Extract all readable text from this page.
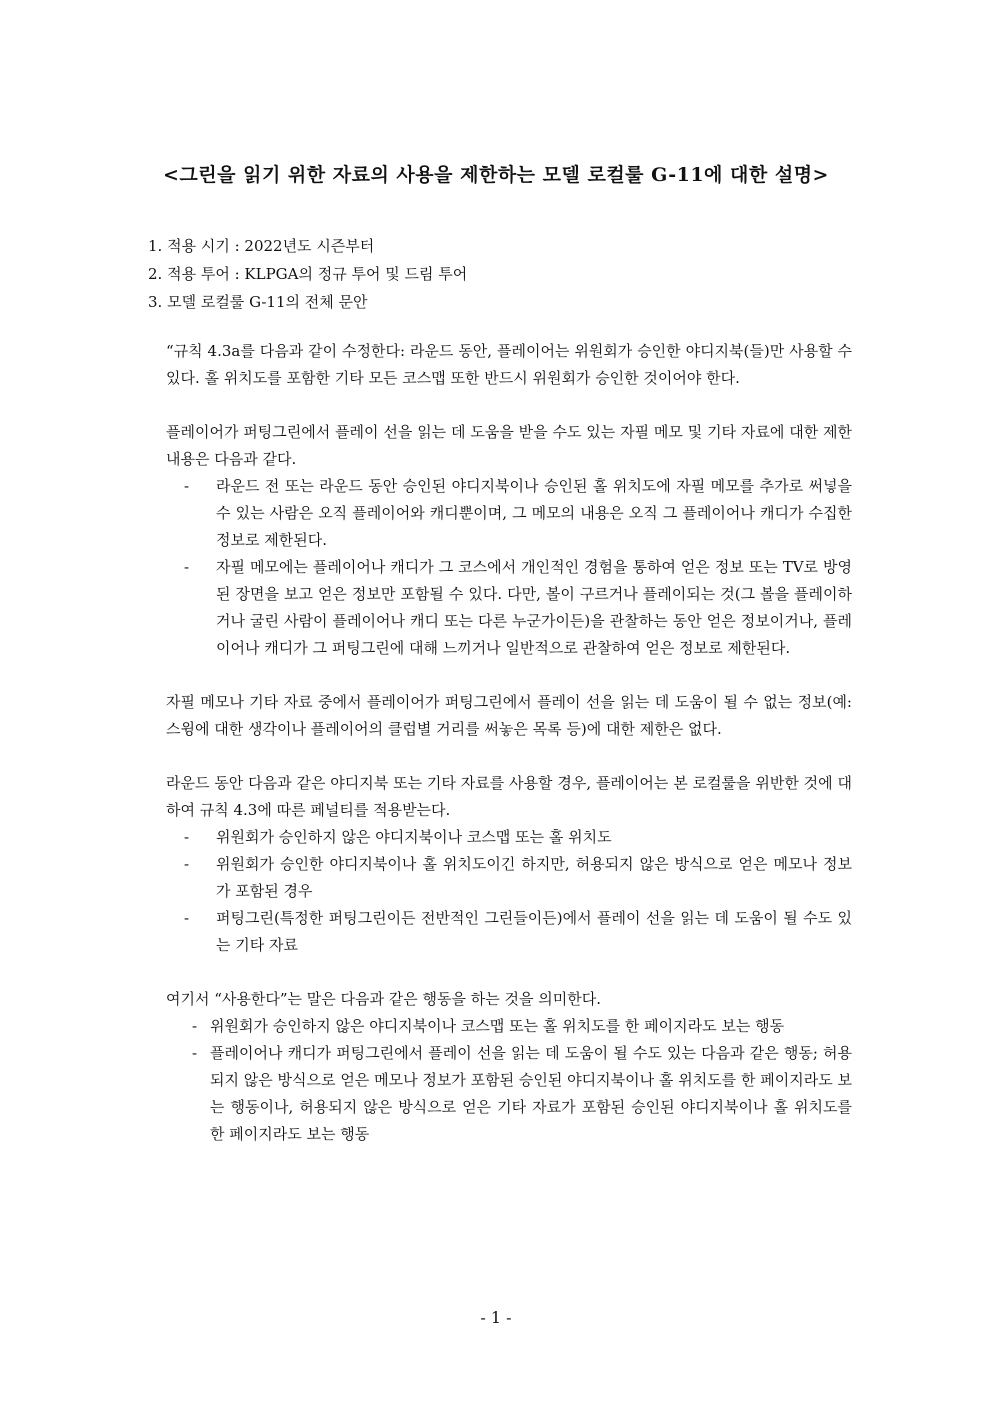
<그린을 읽기 위한 자료의 사용을 제한하는 모델 로컬룰 G-11에 대한 설명>
1. 적용 시기 : 2022년도 시즌부터
2. 적용 투어 : KLPGA의 정규 투어 및 드림 투어
3. 모델 로컬룰 G-11의 전체 문안

“규칙 4.3a를 다음과 같이 수정한다: 라운드 동안, 플레이어는 위원회가 승인한 야디지북(들)만 사용할 수 있다. 홀 위치도를 포함한 기타 모든 코스맵 또한 반드시 위원회가 승인한 것이어야 한다.

플레이어가 퍼팅그린에서 플레이 선을 읽는 데 도움을 받을 수도 있는 자필 메모 및 기타 자료에 대한 제한 내용은 다음과 같다.

- 라운드 전 또는 라운드 동안 승인된 야디지북이나 승인된 홀 위치도에 자필 메모를 추가로 써넣을 수 있는 사람은 오직 플레이어와 캐디뿐이며, 그 메모의 내용은 오직 그 플레이어나 캐디가 수집한 정보로 제한된다.
- 자필 메모에는 플레이어나 캐디가 그 코스에서 개인적인 경험을 통하여 얻은 정보 또는 TV로 방영된 장면을 보고 얻은 정보만 포함될 수 있다. 다만, 볼이 구르거나 플레이되는 것(그 볼을 플레이하거나 굴린 사람이 플레이어나 캐디 또는 다른 누군가이든)을 관찰하는 동안 얻은 정보이거나, 플레이어나 캐디가 그 퍼팅그린에 대해 느끼거나 일반적으로 관찰하여 얻은 정보로 제한된다.

자필 메모나 기타 자료 중에서 플레이어가 퍼팅그린에서 플레이 선을 읽는 데 도움이 될 수 없는 정보(예: 스윙에 대한 생각이나 플레이어의 클럽별 거리를 써놓은 목록 등)에 대한 제한은 없다.

라운드 동안 다음과 같은 야디지북 또는 기타 자료를 사용할 경우, 플레이어는 본 로컬룰을 위반한 것에 대하여 규칙 4.3에 따른 페널티를 적용받는다.

- 위원회가 승인하지 않은 야디지북이나 코스맵 또는 홀 위치도
- 위원회가 승인한 야디지북이나 홀 위치도이긴 하지만, 허용되지 않은 방식으로 얻은 메모나 정보가 포함된 경우
- 퍼팅그린(특정한 퍼팅그린이든 전반적인 그린들이든)에서 플레이 선을 읽는 데 도움이 될 수도 있는 기타 자료

여기서 “사용한다”는 말은 다음과 같은 행동을 하는 것을 의미한다.

- 위원회가 승인하지 않은 야디지북이나 코스맵 또는 홀 위치도를 한 페이지라도 보는 행동
- 플레이어나 캐디가 퍼팅그린에서 플레이 선을 읽는 데 도움이 될 수도 있는 다음과 같은 행동; 허용되지 않은 방식으로 얻은 메모나 정보가 포함된 승인된 야디지북이나 홀 위치도를 한 페이지라도 보는 행동이나, 허용되지 않은 방식으로 얻은 기타 자료가 포함된 승인된 야디지북이나 홀 위치도를 한 페이지라도 보는 행동
- 1 -
